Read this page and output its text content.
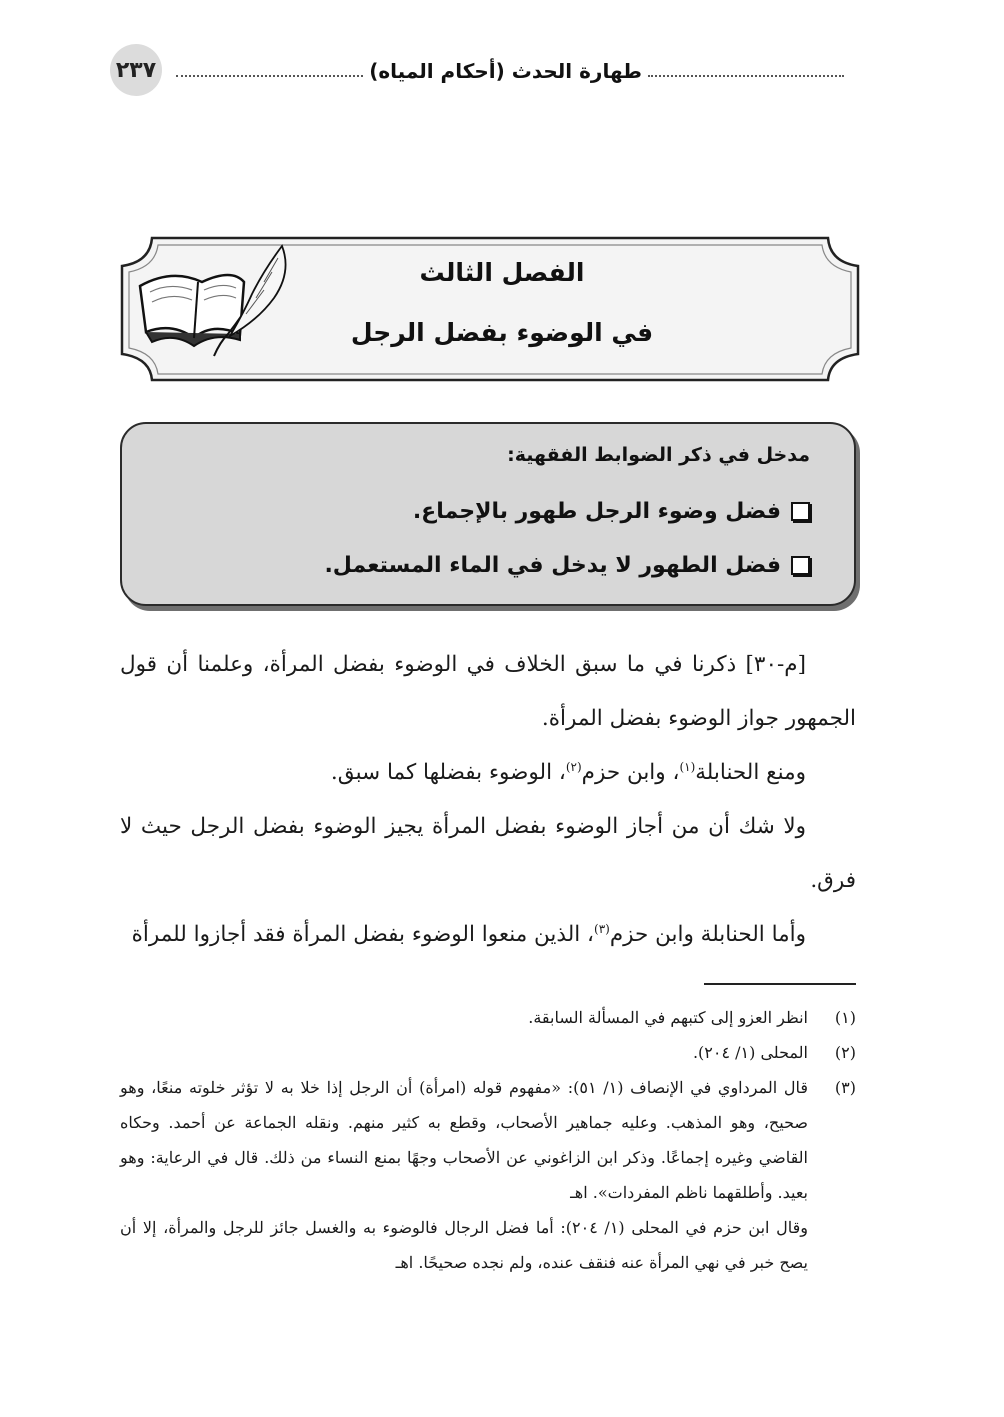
٢٣٧	طهارة الحدث (أحكام المياه)
الفصل الثالث
في الوضوء بفضل الرجل
مدخل في ذكر الضوابط الفقهية:
فضل وضوء الرجل طهور بالإجماع.
فضل الطهور لا يدخل في الماء المستعمل.

[م-٣٠] ذكرنا في ما سبق الخلاف في الوضوء بفضل المرأة، وعلمنا أن قول الجمهور جواز الوضوء بفضل المرأة.

ومنع الحنابلة$^{(١)}$، وابن حزم$^{(٢)}$، الوضوء بفضلها كما سبق.

ولا شك أن من أجاز الوضوء بفضل المرأة يجيز الوضوء بفضل الرجل حيث لا فرق.

وأما الحنابلة وابن حزم$^{(٣)}$، الذين منعوا الوضوء بفضل المرأة فقد أجازوا للمرأة

(١)
انظر العزو إلى كتبهم في المسألة السابقة.
(٢)
المحلى (١/ ٢٠٤).
(٣)
قال المرداوي في الإنصاف (١/ ٥١): «مفهوم قوله (امرأة) أن الرجل إذا خلا به لا تؤثر خلوته منعًا، وهو صحيح، وهو المذهب. وعليه جماهير الأصحاب، وقطع به كثير منهم. ونقله الجماعة عن أحمد. وحكاه القاضي وغيره إجماعًا. وذكر ابن الزاغوني عن الأصحاب وجهًا بمنع النساء من ذلك. قال في الرعاية: وهو بعيد. وأطلقهما ناظم المفردات». اهـ
وقال ابن حزم في المحلى (١/ ٢٠٤): أما فضل الرجال فالوضوء به والغسل جائز للرجل والمرأة، إلا أن يصح خبر في نهي المرأة عنه فنقف عنده، ولم نجده صحيحًا. اهـ
